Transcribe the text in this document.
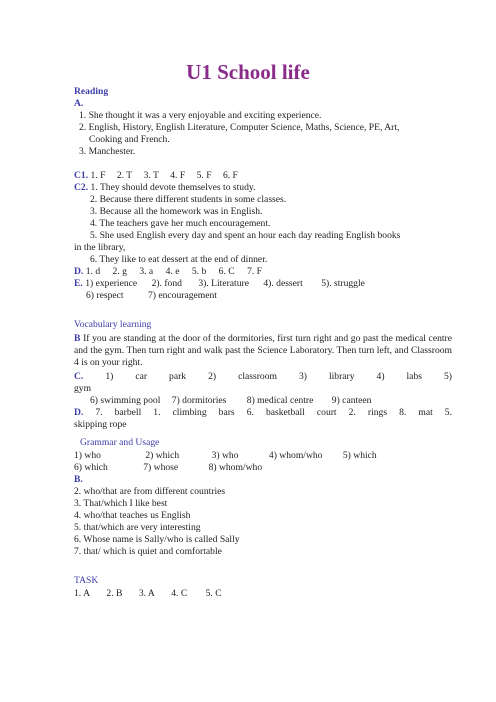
U1 School life
Reading
A.
1. She thought it was a very enjoyable and exciting experience.
2. English, History, English Literature, Computer Science, Maths, Science, PE, Art,
Cooking and French.
3. Manchester.
C1. 1. F 2. T 3. T 4. F 5. F 6. F
C2. 1. They should devote themselves to study.
2. Because there different students in some classes.
3. Because all the homework was in English.
4. The teachers gave her much encouragement.
5. She used English every day and spent an hour each day reading English books
in the library,
6. They like to eat dessert at the end of dinner.
D. 1. d 2. g 3. a 4. e 5. b 6. C 7. F
E. 1) experience 2). fond 3). Literature 4). dessert 5). struggle
6) respect	7) encouragement
Vocabulary learning
B If you are standing at the door of the dormitories, first turn right and go past the medical centre and the gym. Then turn right and walk past the Science Laboratory. Then turn left, and Classroom 4 is on your right.
C. 1) car park 2) classroom 3) library 4) labs 5)
gym
6) swimming pool 7) dormitories 8) medical centre 9) canteen
D. 7. barbell 1. climbing bars 6. basketball court 2. rings 8. mat 5.
skipping rope
Grammar and Usage
1) who	2) which	3) who	4) whom/who 5) which
6) which	7) whose	8) whom/who
B.
2. who/that are from different countries
3. That/which I like best
4. who/that teaches us English
5. that/which are very interesting
6. Whose name is Sally/who is called Sally
7. that/ which is quiet and comfortable
TASK
1. A 2. B 3. A 4. C 5. C
